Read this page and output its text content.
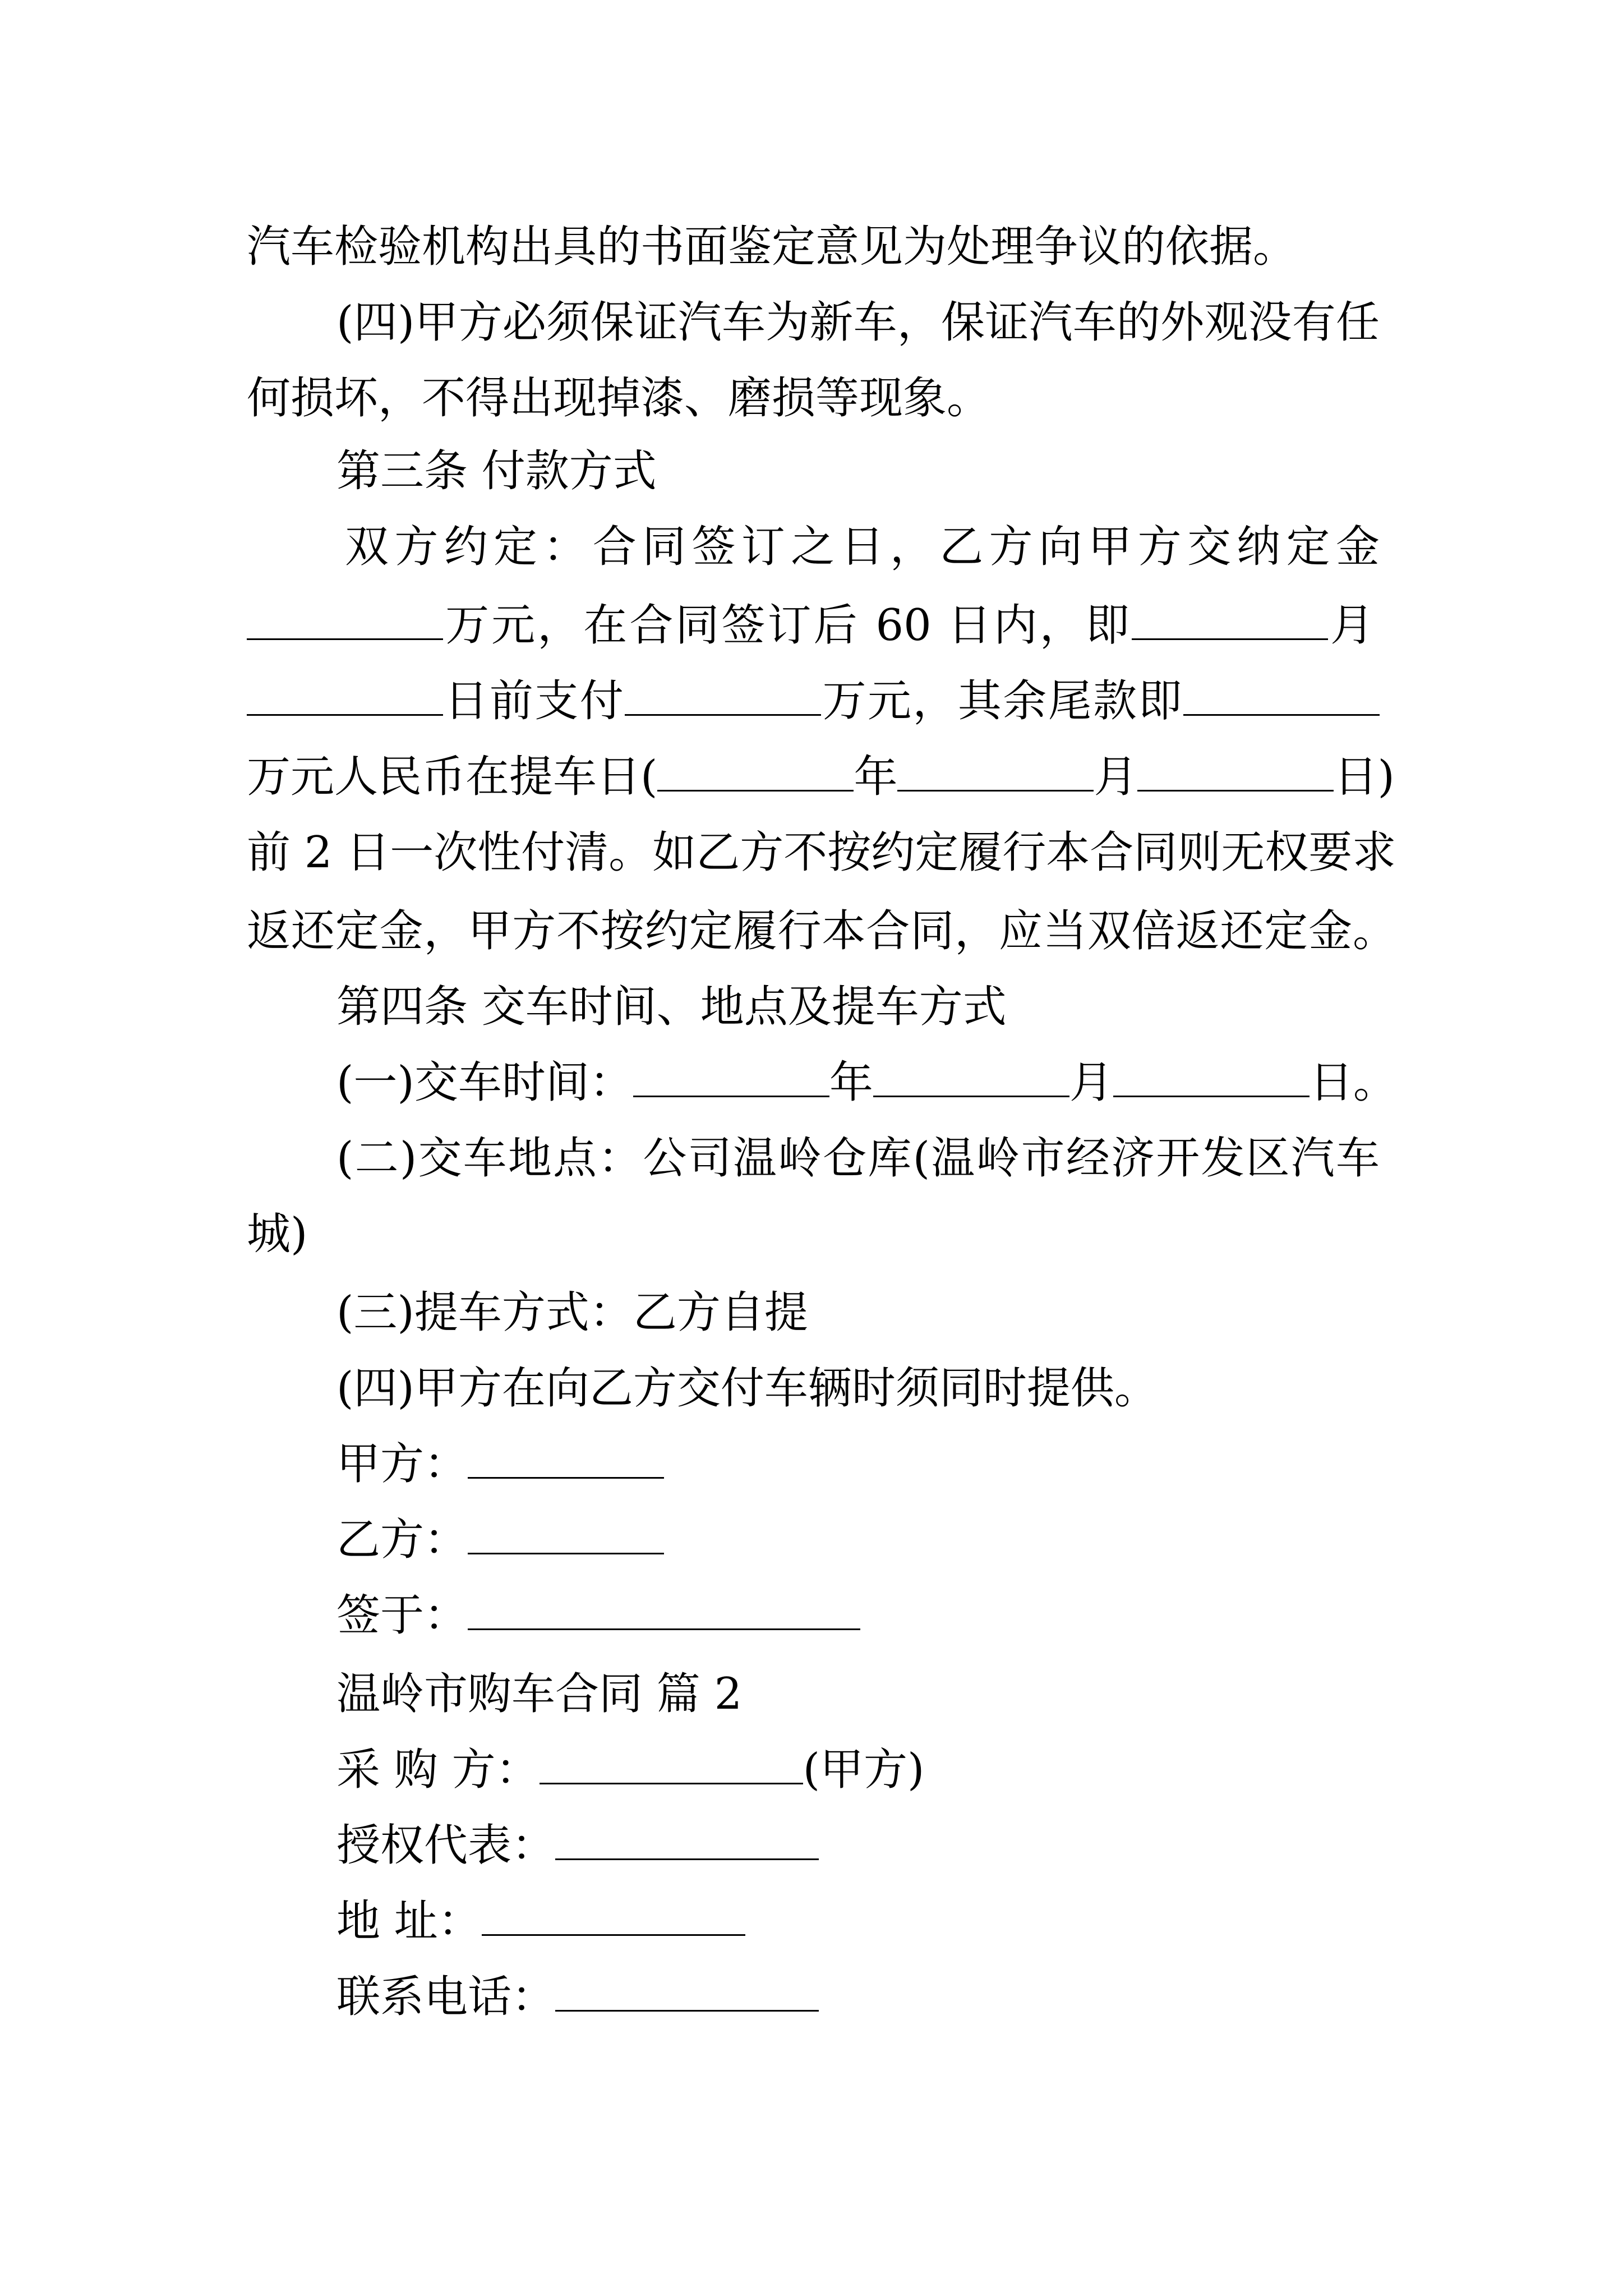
汽车检验机构出具的书面鉴定意见为处理争议的依据。
(四)甲方必须保证汽车为新车，保证汽车的外观没有任
何损坏，不得出现掉漆、磨损等现象。
第三条 付款方式
双方约定：合同签订之日，乙方向甲方交纳定金
万元，在合同签订后 60 日内，即	月
日前支付	万元，其余尾款即
万元人民币在提车日(	年	月	日)
前 2 日一次性付清。如乙方不按约定履行本合同则无权要求
返还定金，甲方不按约定履行本合同，应当双倍返还定金。
第四条 交车时间、地点及提车方式
(一)交车时间：	年	月	日。
(二)交车地点：公司温岭仓库(温岭市经济开发区汽车
城)
(三)提车方式：乙方自提
(四)甲方在向乙方交付车辆时须同时提供。
甲方：
乙方：
签于：
温岭市购车合同 篇 2
采 购 方：	(甲方)
授权代表：
地 址：
联系电话：
